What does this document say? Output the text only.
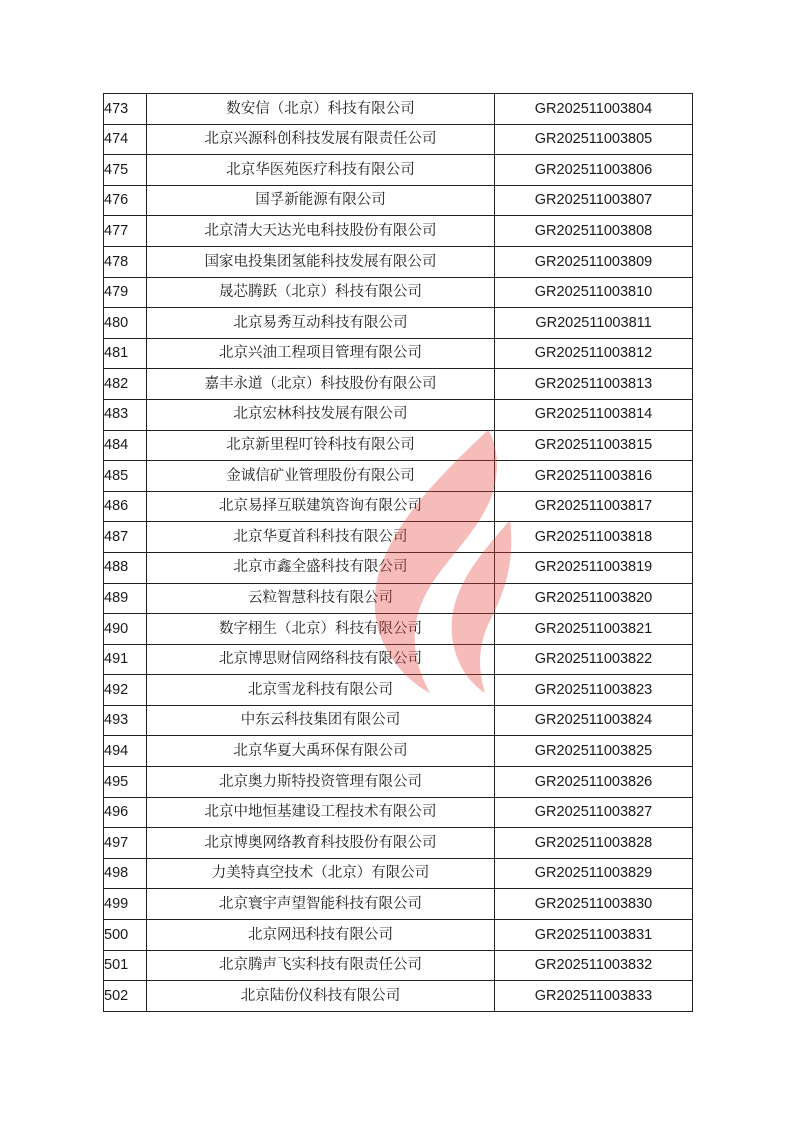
473	数安信（北京）科技有限公司	GR202511003804
474	北京兴源科创科技发展有限责任公司	GR202511003805
475	北京华医苑医疗科技有限公司	GR202511003806
476	国孚新能源有限公司	GR202511003807
477	北京清大天达光电科技股份有限公司	GR202511003808
478	国家电投集团氢能科技发展有限公司	GR202511003809
479	晟芯腾跃（北京）科技有限公司	GR202511003810
480	北京易秀互动科技有限公司	GR202511003811
481	北京兴油工程项目管理有限公司	GR202511003812
482	嘉丰永道（北京）科技股份有限公司	GR202511003813
483	北京宏林科技发展有限公司	GR202511003814
484	北京新里程叮铃科技有限公司	GR202511003815
485	金诚信矿业管理股份有限公司	GR202511003816
486	北京易择互联建筑咨询有限公司	GR202511003817
487	北京华夏首科科技有限公司	GR202511003818
488	北京市鑫全盛科技有限公司	GR202511003819
489	云粒智慧科技有限公司	GR202511003820
490	数字栩生（北京）科技有限公司	GR202511003821
491	北京博思财信网络科技有限公司	GR202511003822
492	北京雪龙科技有限公司	GR202511003823
493	中东云科技集团有限公司	GR202511003824
494	北京华夏大禹环保有限公司	GR202511003825
495	北京奥力斯特投资管理有限公司	GR202511003826
496	北京中地恒基建设工程技术有限公司	GR202511003827
497	北京博奥网络教育科技股份有限公司	GR202511003828
498	力美特真空技术（北京）有限公司	GR202511003829
499	北京寰宇声望智能科技有限公司	GR202511003830
500	北京网迅科技有限公司	GR202511003831
501	北京腾声飞实科技有限责任公司	GR202511003832
502	北京陆份仪科技有限公司	GR202511003833
